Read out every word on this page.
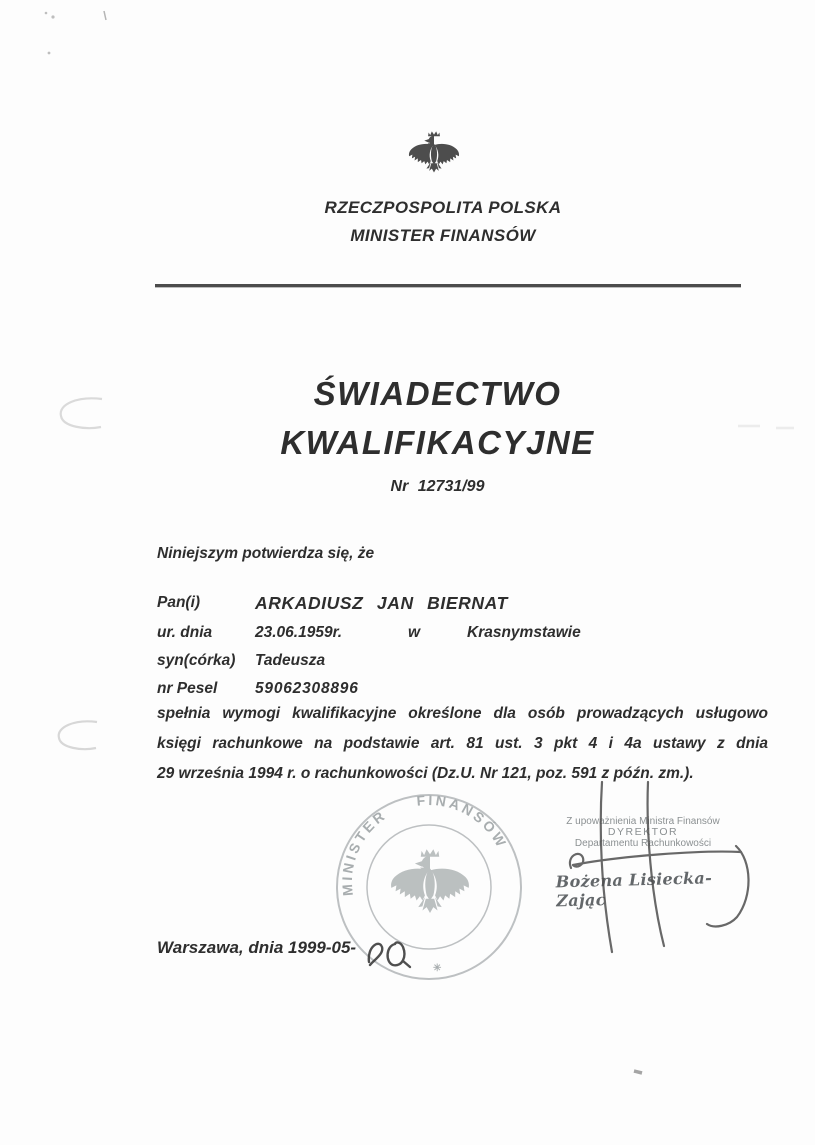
RZECZPOSPOLITA POLSKA
MINISTER FINANSÓW
ŚWIADECTWO
KWALIFIKACYJNE
Nr 12731/99
Niniejszym potwierdza się, że
Pan(i)	ARKADIUSZ JAN BIERNAT
ur. dnia	23.06.1959r.	w	Krasnymstawie
syn(córka) Tadeusza
nr Pesel 59062308896
spełnia wymogi kwalifikacyjne określone dla osób prowadzących usługowo
księgi rachunkowe na podstawie art. 81 ust. 3 pkt 4 i 4a ustawy z dnia
29 września 1994 r. o rachunkowości (Dz.U. Nr 121, poz. 591 z późn. zm.).
MINISTER
FINANSÓW
✳
Z upoważnienia Ministra Finansów
DYREKTOR
Departamentu Rachunkowości
Bożena Lisiecka-Zając
Warszawa, dnia 1999-05-
